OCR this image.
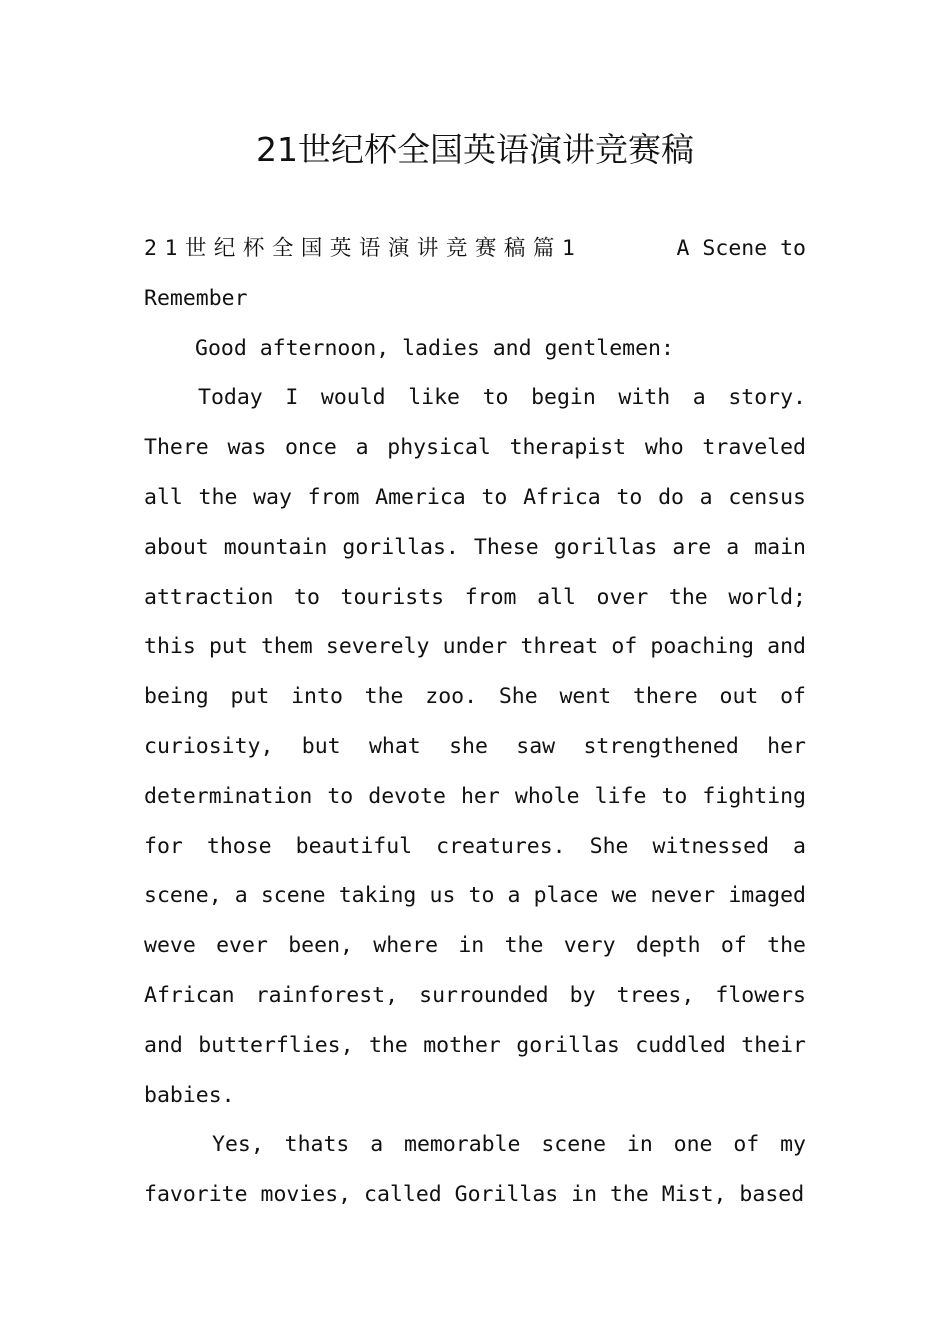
21世纪杯全国英语演讲竞赛稿
21世纪杯全国英语演讲竞赛稿篇1	A Scene to

Remember

Good afternoon, ladies and gentlemen:

Today I would like to begin with a story. There was once a physical therapist who traveled all the way from America to Africa to do a census about mountain gorillas. These gorillas are a main attraction to tourists from all over the world; this put them severely under threat of poaching and being put into the zoo. She went there out of curiosity, but what she saw strengthened her determination to devote her whole life to fighting for those beautiful creatures. She witnessed a scene, a scene taking us to a place we never imaged weve ever been, where in the very depth of the African rainforest, surrounded by trees, flowers and butterflies, the mother gorillas cuddled their babies.

Yes, thats a memorable scene in one of my favorite movies, called Gorillas in the Mist, based
